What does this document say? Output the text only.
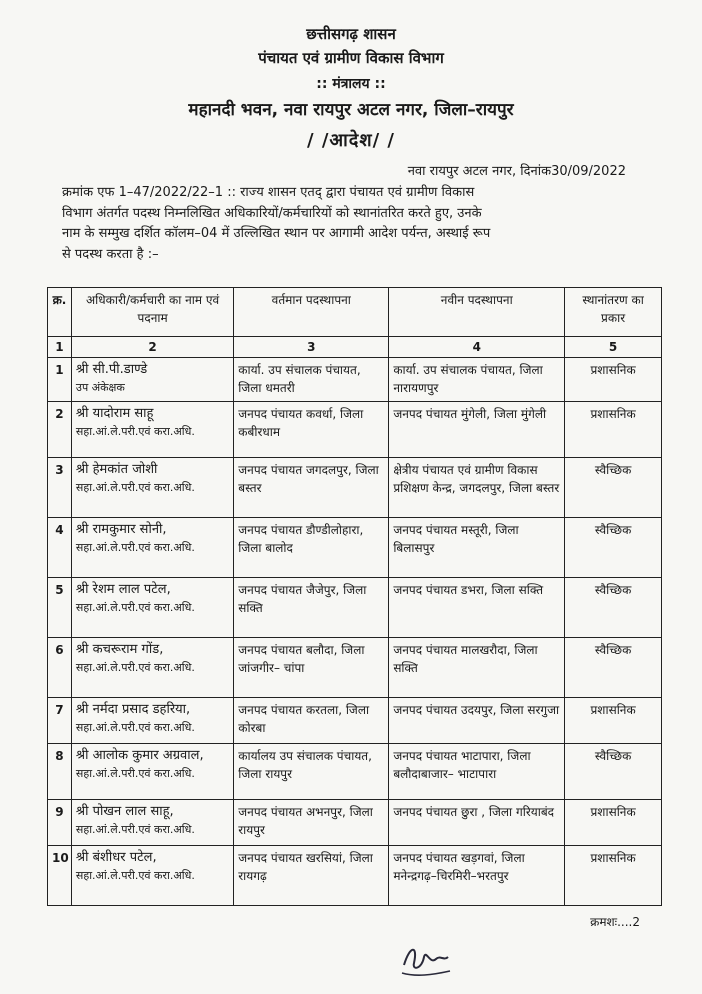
छत्तीसगढ़ शासन
पंचायत एवं ग्रामीण विकास विभाग
:: मंत्रालय ::
महानदी भवन, नवा रायपुर अटल नगर, जिला–रायपुर
/ /आदेश/ /
नवा रायपुर अटल नगर, दिनांक30/09/2022
क्रमांक एफ 1–47/2022/22–1 :: राज्य शासन एतद् द्वारा पंचायत एवं ग्रामीण विकास
विभाग अंतर्गत पदस्थ निम्नलिखित अधिकारियों/कर्मचारियों को स्थानांतरित करते हुए, उनके
नाम के सम्मुख दर्शित कॉलम–04 में उल्लिखित स्थान पर आगामी आदेश पर्यन्त, अस्थाई रूप
से पदस्थ करता है :–
क्र.	अधिकारी/कर्मचारी का नाम एवं पदनाम	वर्तमान पदस्थापना	नवीन पदस्थापना	स्थानांतरण का प्रकार
1	2	3	4	5
1	श्री सी.पी.डाण्डे
उप अंकेक्षक	कार्या. उप संचालक पंचायत, जिला धमतरी	कार्या. उप संचालक पंचायत, जिला नारायणपुर	प्रशासनिक
2	श्री यादोराम साहू
सहा.आं.ले.परी.एवं करा.अधि.	जनपद पंचायत कवर्धा, जिला कबीरधाम	जनपद पंचायत मुंगेली, जिला मुंगेली	प्रशासनिक
3	श्री हेमकांत जोशी
सहा.आं.ले.परी.एवं करा.अधि.	जनपद पंचायत जगदलपुर, जिला बस्तर	क्षेत्रीय पंचायत एवं ग्रामीण विकास प्रशिक्षण केन्द्र, जगदलपुर, जिला बस्तर	स्वैच्छिक
4	श्री रामकुमार सोनी,
सहा.आं.ले.परी.एवं करा.अधि.	जनपद पंचायत डौण्डीलोहारा, जिला बालोद	जनपद पंचायत मस्तूरी, जिला बिलासपुर	स्वैच्छिक
5	श्री रेशम लाल पटेल,
सहा.आं.ले.परी.एवं करा.अधि.	जनपद पंचायत जैजेपुर, जिला सक्ति	जनपद पंचायत डभरा, जिला सक्ति	स्वैच्छिक
6	श्री कचरूराम गोंड,
सहा.आं.ले.परी.एवं करा.अधि.	जनपद पंचायत बलौदा, जिला जांजगीर– चांपा	जनपद पंचायत मालखरौदा, जिला सक्ति	स्वैच्छिक
7	श्री नर्मदा प्रसाद डहरिया,
सहा.आं.ले.परी.एवं करा.अधि.	जनपद पंचायत करतला, जिला कोरबा	जनपद पंचायत उदयपुर, जिला सरगुजा	प्रशासनिक
8	श्री आलोक कुमार अग्रवाल,
सहा.आं.ले.परी.एवं करा.अधि.	कार्यालय उप संचालक पंचायत, जिला रायपुर	जनपद पंचायत भाटापारा, जिला बलौदाबाजार– भाटापारा	स्वैच्छिक
9	श्री पोखन लाल साहू,
सहा.आं.ले.परी.एवं करा.अधि.	जनपद पंचायत अभनपुर, जिला रायपुर	जनपद पंचायत छुरा , जिला गरियाबंद	प्रशासनिक
10	श्री बंशीधर पटेल,
सहा.आं.ले.परी.एवं करा.अधि.	जनपद पंचायत खरसियां, जिला रायगढ़	जनपद पंचायत खड़गवां, जिला मनेन्द्रगढ़–चिरमिरी–भरतपुर	प्रशासनिक
क्रमशः....2
